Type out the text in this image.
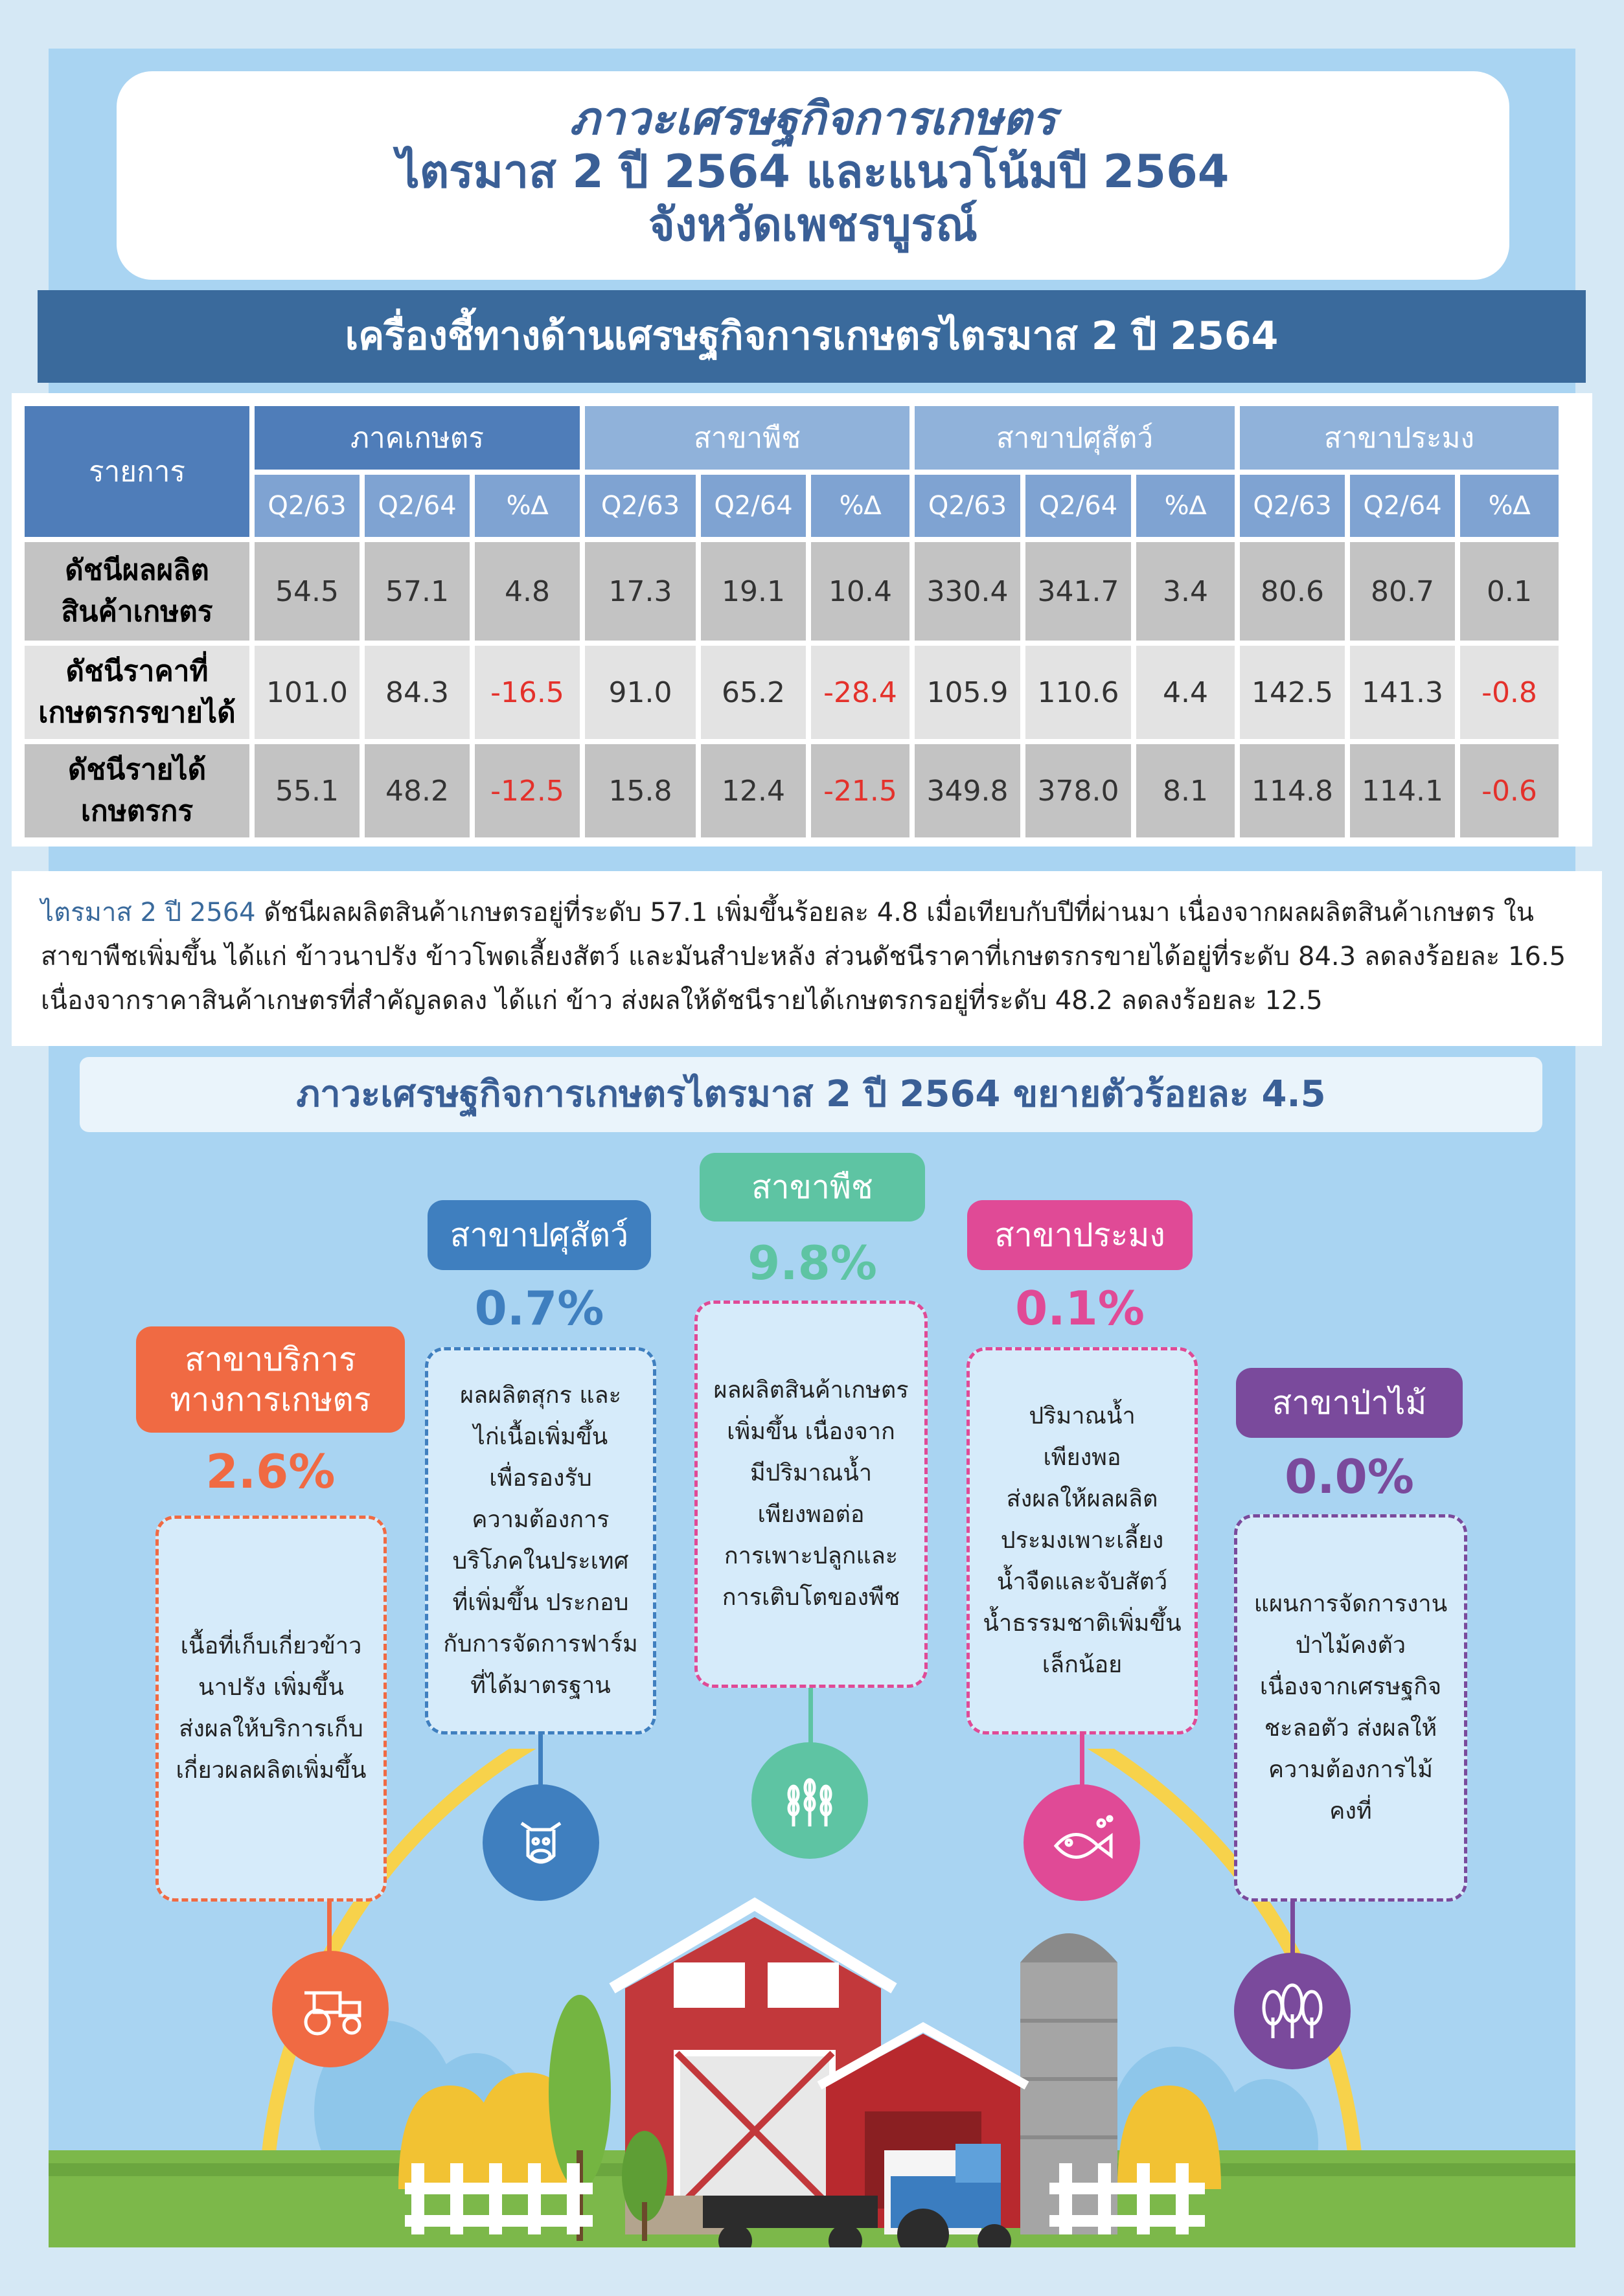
ภาวะเศรษฐกิจการเกษตร
ไตรมาส 2 ปี 2564 และแนวโน้มปี 2564
จังหวัดเพชรบูรณ์
เครื่องชี้ทางด้านเศรษฐกิจการเกษตรไตรมาส 2 ปี 2564
รายการ	ภาคเกษตร			สาขาพืช			สาขาปศุสัตว์			สาขาประมง		
	Q2/63	Q2/64	%∆	Q2/63	Q2/64	%∆	Q2/63	Q2/64	%∆	Q2/63	Q2/64	%∆
ดัชนีผลผลิต
สินค้าเกษตร	54.5	57.1	4.8	17.3	19.1	10.4	330.4	341.7	3.4	80.6	80.7	0.1
ดัชนีราคาที่
เกษตรกรขายได้	101.0	84.3	-16.5	91.0	65.2	-28.4	105.9	110.6	4.4	142.5	141.3	-0.8
ดัชนีรายได้
เกษตรกร	55.1	48.2	-12.5	15.8	12.4	-21.5	349.8	378.0	8.1	114.8	114.1	-0.6

ไตรมาส 2 ปี 2564 ดัชนีผลผลิตสินค้าเกษตรอยู่ที่ระดับ 57.1 เพิ่มขึ้นร้อยละ 4.8 เมื่อเทียบกับปีที่ผ่านมา เนื่องจากผลผลิตสินค้าเกษตร ในสาขาพืชเพิ่มขึ้น ได้แก่ ข้าวนาปรัง ข้าวโพดเลี้ยงสัตว์ และมันสำปะหลัง ส่วนดัชนีราคาที่เกษตรกรขายได้อยู่ที่ระดับ 84.3 ลดลงร้อยละ 16.5 เนื่องจากราคาสินค้าเกษตรที่สำคัญลดลง ได้แก่ ข้าว ส่งผลให้ดัชนีรายได้เกษตรกรอยู่ที่ระดับ 48.2 ลดลงร้อยละ 12.5

ภาวะเศรษฐกิจการเกษตรไตรมาส 2 ปี 2564 ขยายตัวร้อยละ 4.5
สาขาบริการ
ทางการเกษตร
2.6%
เนื้อที่เก็บเกี่ยวข้าว
นาปรัง เพิ่มขึ้น
ส่งผลให้บริการเก็บ
เกี่ยวผลผลิตเพิ่มขึ้น
สาขาปศุสัตว์
0.7%
ผลผลิตสุกร และ
ไก่เนื้อเพิ่มขึ้น
เพื่อรองรับ
ความต้องการ
บริโภคในประเทศ
ที่เพิ่มขึ้น ประกอบ
กับการจัดการฟาร์ม
ที่ได้มาตรฐาน
สาขาพืช
9.8%
ผลผลิตสินค้าเกษตร
เพิ่มขึ้น เนื่องจาก
มีปริมาณน้ำ
เพียงพอต่อ
การเพาะปลูกและ
การเติบโตของพืช
สาขาประมง
0.1%
ปริมาณน้ำ
เพียงพอ
ส่งผลให้ผลผลิต
ประมงเพาะเลี้ยง
น้ำจืดและจับสัตว์
น้ำธรรมชาติเพิ่มขึ้น
เล็กน้อย
สาขาป่าไม้
0.0%
แผนการจัดการงาน
ป่าไม้คงตัว
เนื่องจากเศรษฐกิจ
ชะลอตัว ส่งผลให้
ความต้องการไม้
คงที่
